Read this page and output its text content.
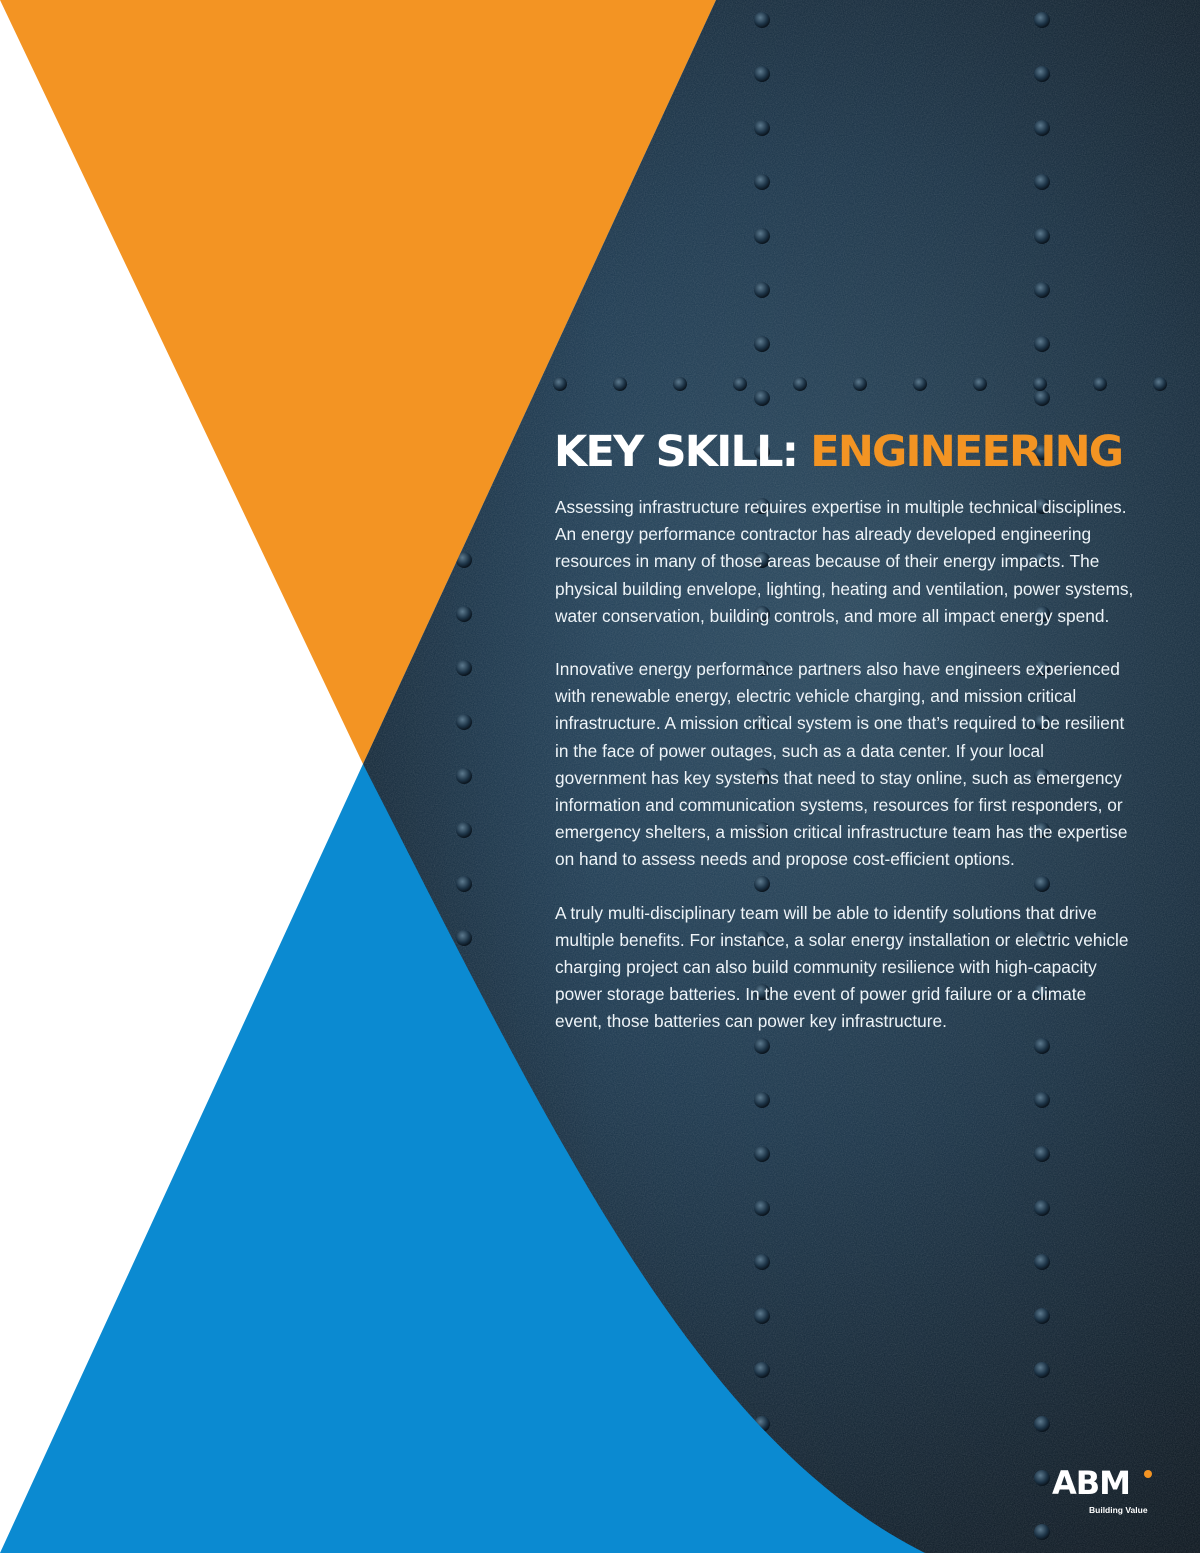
KEY SKILL: ENGINEERING

Assessing infrastructure requires expertise in multiple technical disciplines. An energy performance contractor has already developed engineering resources in many of those areas because of their energy impacts. The physical building envelope, lighting, heating and ventilation, power systems, water conservation, building controls, and more all impact energy spend.

Innovative energy performance partners also have engineers experienced with renewable energy, electric vehicle charging, and mission critical infrastructure. A mission critical system is one that’s required to be resilient in the face of power outages, such as a data center. If your local government has key systems that need to stay online, such as emergency information and communication systems, resources for first responders, or emergency shelters, a mission critical infrastructure team has the expertise on hand to assess needs and propose cost-efficient options.

A truly multi-disciplinary team will be able to identify solutions that drive multiple benefits. For instance, a solar energy installation or electric vehicle charging project can also build community resilience with high-capacity power storage batteries. In the event of power grid failure or a climate event, those batteries can power key infrastructure.

ABM
Building Value
